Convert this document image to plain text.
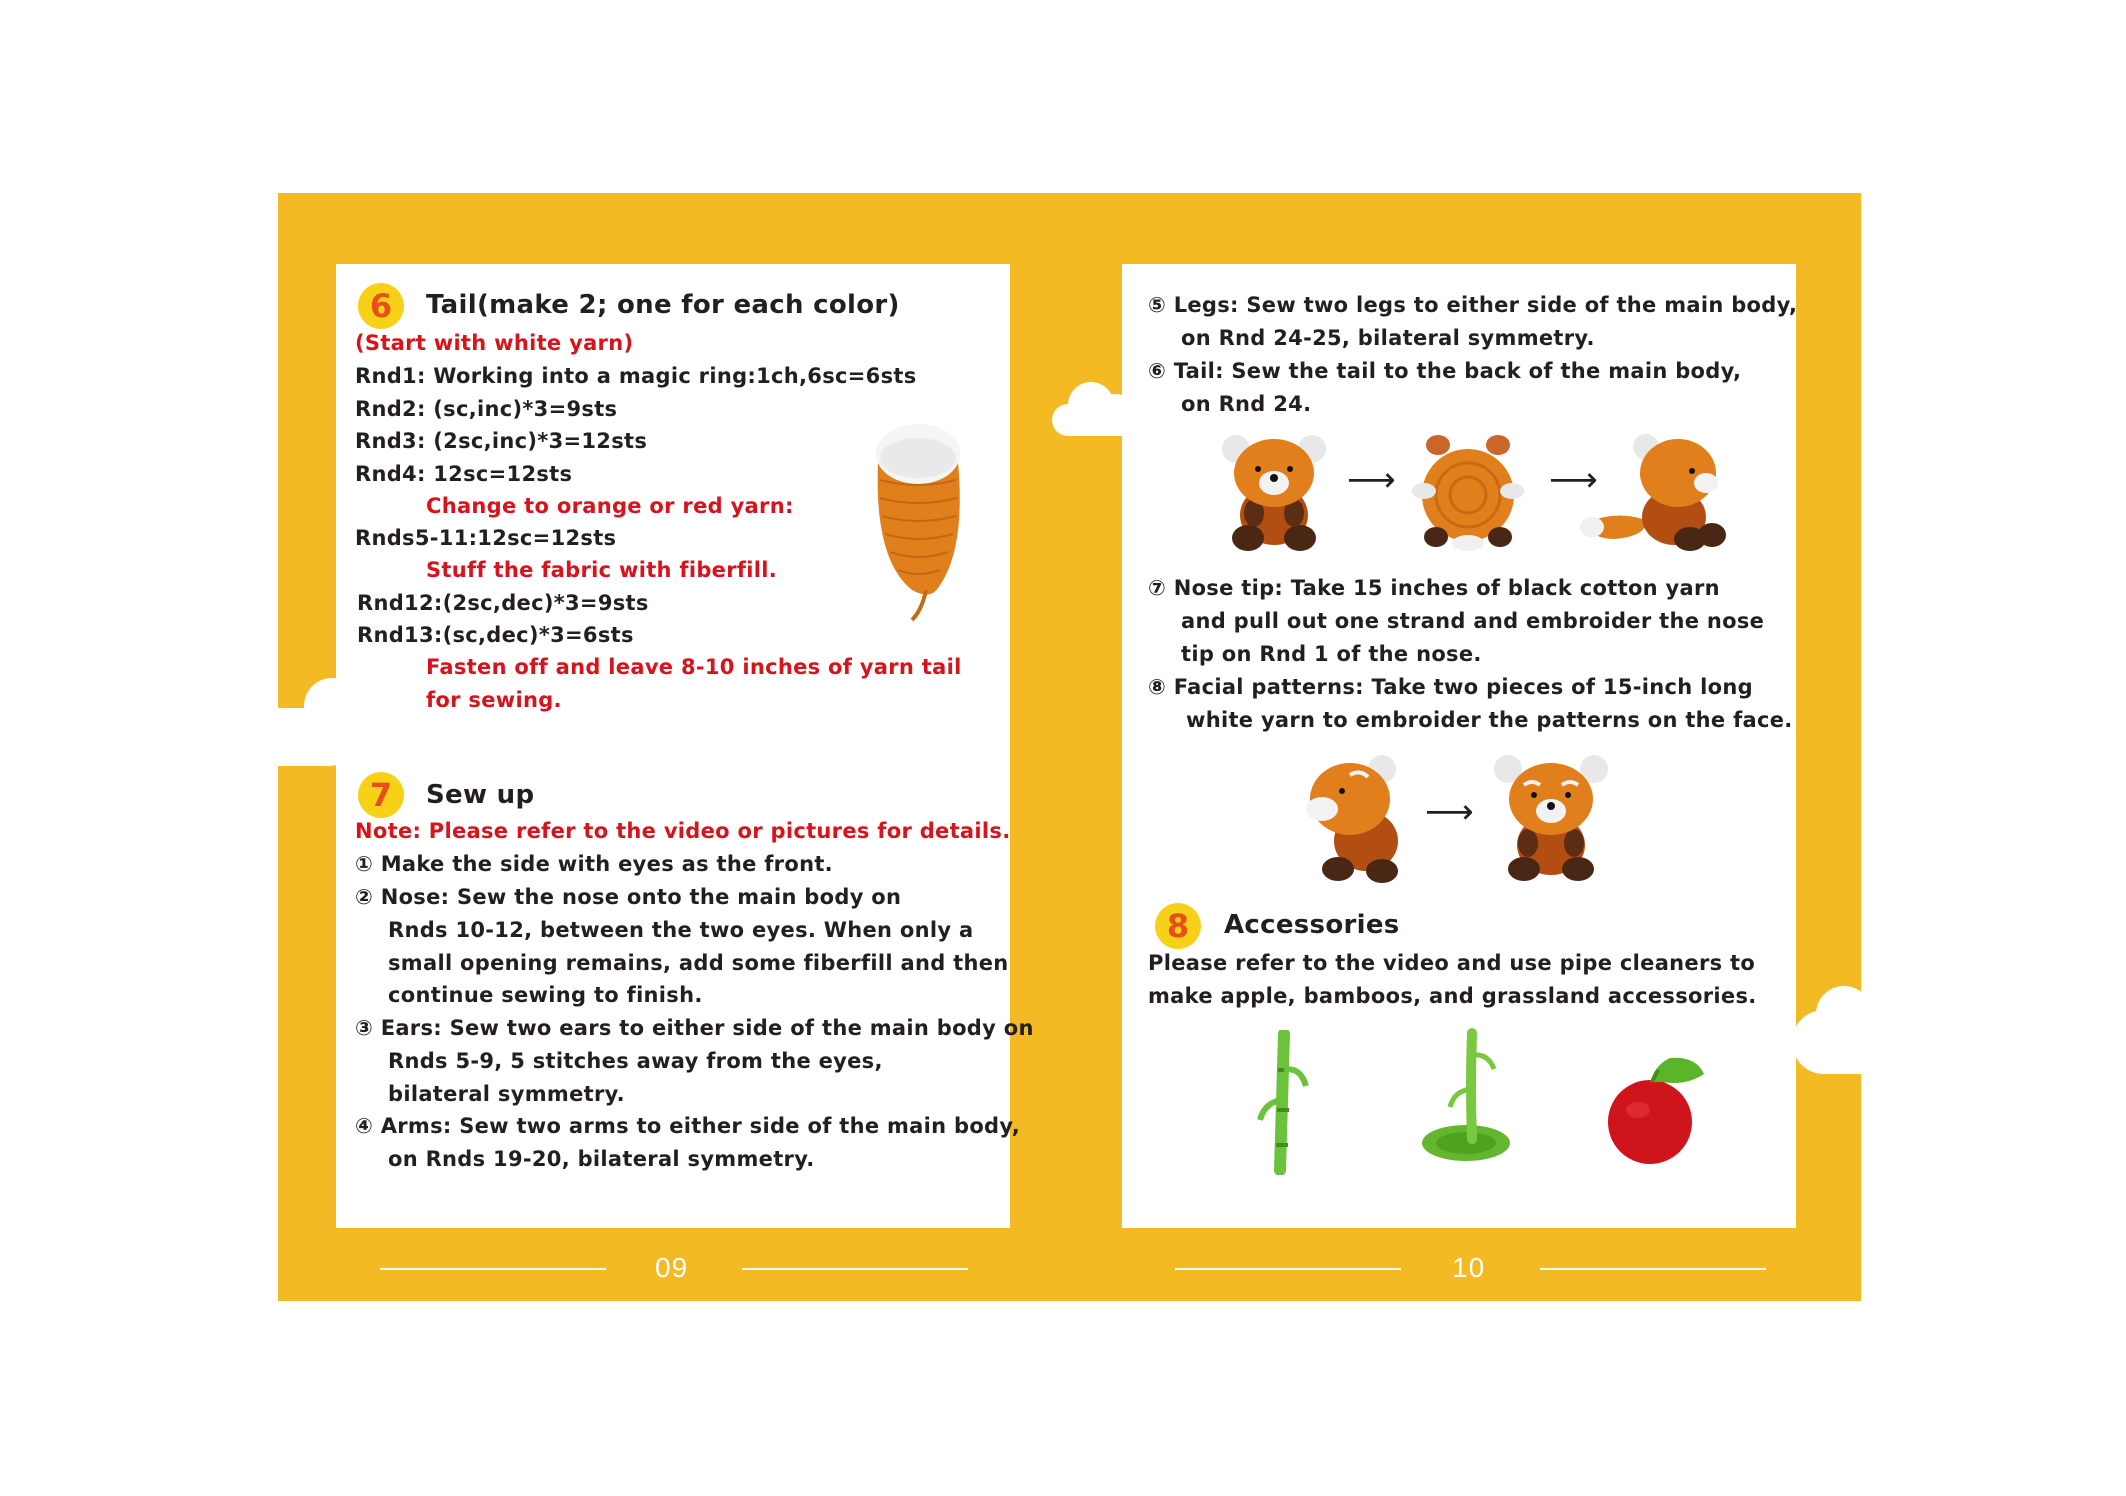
6	Tail(make 2; one for each color)
(Start with white yarn)
Rnd1: Working into a magic ring:1ch,6sc=6sts
Rnd2: (sc,inc)*3=9sts
Rnd3: (2sc,inc)*3=12sts
Rnd4: 12sc=12sts
Change to orange or red yarn:
Rnds5-11:12sc=12sts
Stuff the fabric with fiberfill.
Rnd12:(2sc,dec)*3=9sts
Rnd13:(sc,dec)*3=6sts
Fasten off and leave 8-10 inches of yarn tail
for sewing.
7	Sew up
Note: Please refer to the video or pictures for details.
① Make the side with eyes as the front.
② Nose: Sew the nose onto the main body on
Rnds 10-12, between the two eyes. When only a
small opening remains, add some fiberfill and then
continue sewing to finish.
③ Ears: Sew two ears to either side of the main body on
Rnds 5-9, 5 stitches away from the eyes,
bilateral symmetry.
④ Arms: Sew two arms to either side of the main body,
on Rnds 19-20, bilateral symmetry.
09
⑤ Legs: Sew two legs to either side of the main body,
on Rnd 24-25, bilateral symmetry.
⑥ Tail: Sew the tail to the back of the main body,
on Rnd 24.
⟶	⟶
⑦ Nose tip: Take 15 inches of black cotton yarn
and pull out one strand and embroider the nose
tip on Rnd 1 of the nose.
⑧ Facial patterns: Take two pieces of 15-inch long
white yarn to embroider the patterns on the face.
⟶
8	Accessories
Please refer to the video and use pipe cleaners to
make apple, bamboos, and grassland accessories.
10
